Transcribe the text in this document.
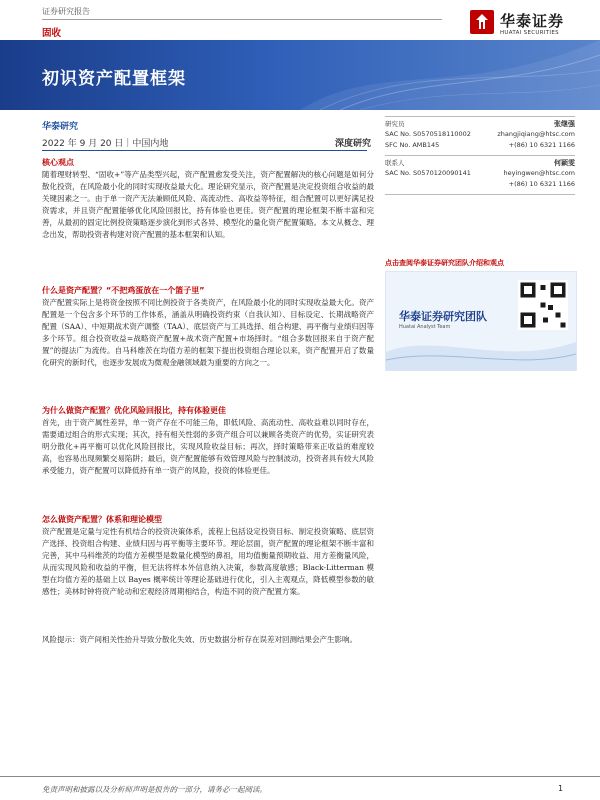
证券研究报告
华泰证券
HUATAI SECURITIES
固收
初识资产配置框架
华泰研究
2022 年 9 月 20 日｜中国内地	深度研究
研究员	张继强
SAC No. S0570518110002	zhangjiqiang@htsc.com
SFC No. AMB145	+(86) 10 6321 1166
联系人	何颖雯
SAC No. S0570120090141	heyingwen@htsc.com
+(86) 10 6321 1166
点击查阅华泰证券研究团队介绍和观点
华泰证券研究团队
Huatai Analyst Team
核心观点
随着理财转型、“固收+”等产品类型兴起，资产配置愈发受关注，资产配置解决的核心问题是如何分散化投资，在风险最小化的同时实现收益最大化。理论研究显示，资产配置是决定投资组合收益的最关键因素之一。由于单一资产无法兼顾低风险、高流动性、高收益等特征，组合配置可以更好满足投资需求，并且资产配置能够优化风险回报比，持有体验也更佳。资产配置的理论框架不断丰富和完善，从最初的固定比例投资策略逐步演化到形式各异、模型化的量化资产配置策略。本文从概念、理念出发，帮助投资者构建对资产配置的基本框架和认知。
什么是资产配置？“不把鸡蛋放在一个篮子里”
资产配置实际上是将资金按照不同比例投资于各类资产，在风险最小化的同时实现收益最大化。资产配置是一个包含多个环节的工作体系，涵盖从明确投资约束（自我认知）、目标设定、长期战略资产配置（SAA）、中短期战术资产调整（TAA）、底层资产与工具选择、组合构建、再平衡与业绩归因等多个环节。组合投资收益=战略资产配置+战术资产配置+市场择时。“组合多数回报来自于资产配置”的提法广为流传。自马科维茨在均值方差的框架下提出投资组合理论以来，资产配置开启了数量化研究的新时代，也逐步发展成为微观金融领域最为重要的方向之一。
为什么做资产配置？优化风险回报比，持有体验更佳
首先，由于资产属性差异，单一资产存在不可能三角，即低风险、高流动性、高收益难以同时存在，需要通过组合的形式实现；其次，持有相关性弱的多资产组合可以兼顾各类资产的优势，实证研究表明分散化+再平衡可以优化风险回报比，实现风险收益目标；再次，择时策略带来正收益的难度较高，也容易出现频繁交易陷阱；最后，资产配置能够有效管理风险与控制波动，投资者具有较大风险承受能力，资产配置可以降低持有单一资产的风险，投资的体验更佳。
怎么做资产配置？体系和理论模型
资产配置是定量与定性有机结合的投资决策体系，流程上包括设定投资目标、制定投资策略、底层资产选择、投资组合构建、业绩归因与再平衡等主要环节。理论层面，资产配置的理论框架不断丰富和完善，其中马科维茨的均值方差模型是数量化模型的鼻祖，用均值衡量预期收益、用方差衡量风险，从而实现风险和收益的平衡，但无法将样本外信息纳入决策，参数高度敏感；Black-Litterman 模型在均值方差的基础上以 Bayes 概率统计等理论基础进行优化，引入主观观点，降低模型参数的敏感性；美林时钟将资产轮动和宏观经济周期相结合，构造不同的资产配置方案。
风险提示：资产间相关性抬升导致分散化失效、历史数据分析存在误差对回测结果会产生影响。
免责声明和披露以及分析师声明是报告的一部分，请务必一起阅读。	1
